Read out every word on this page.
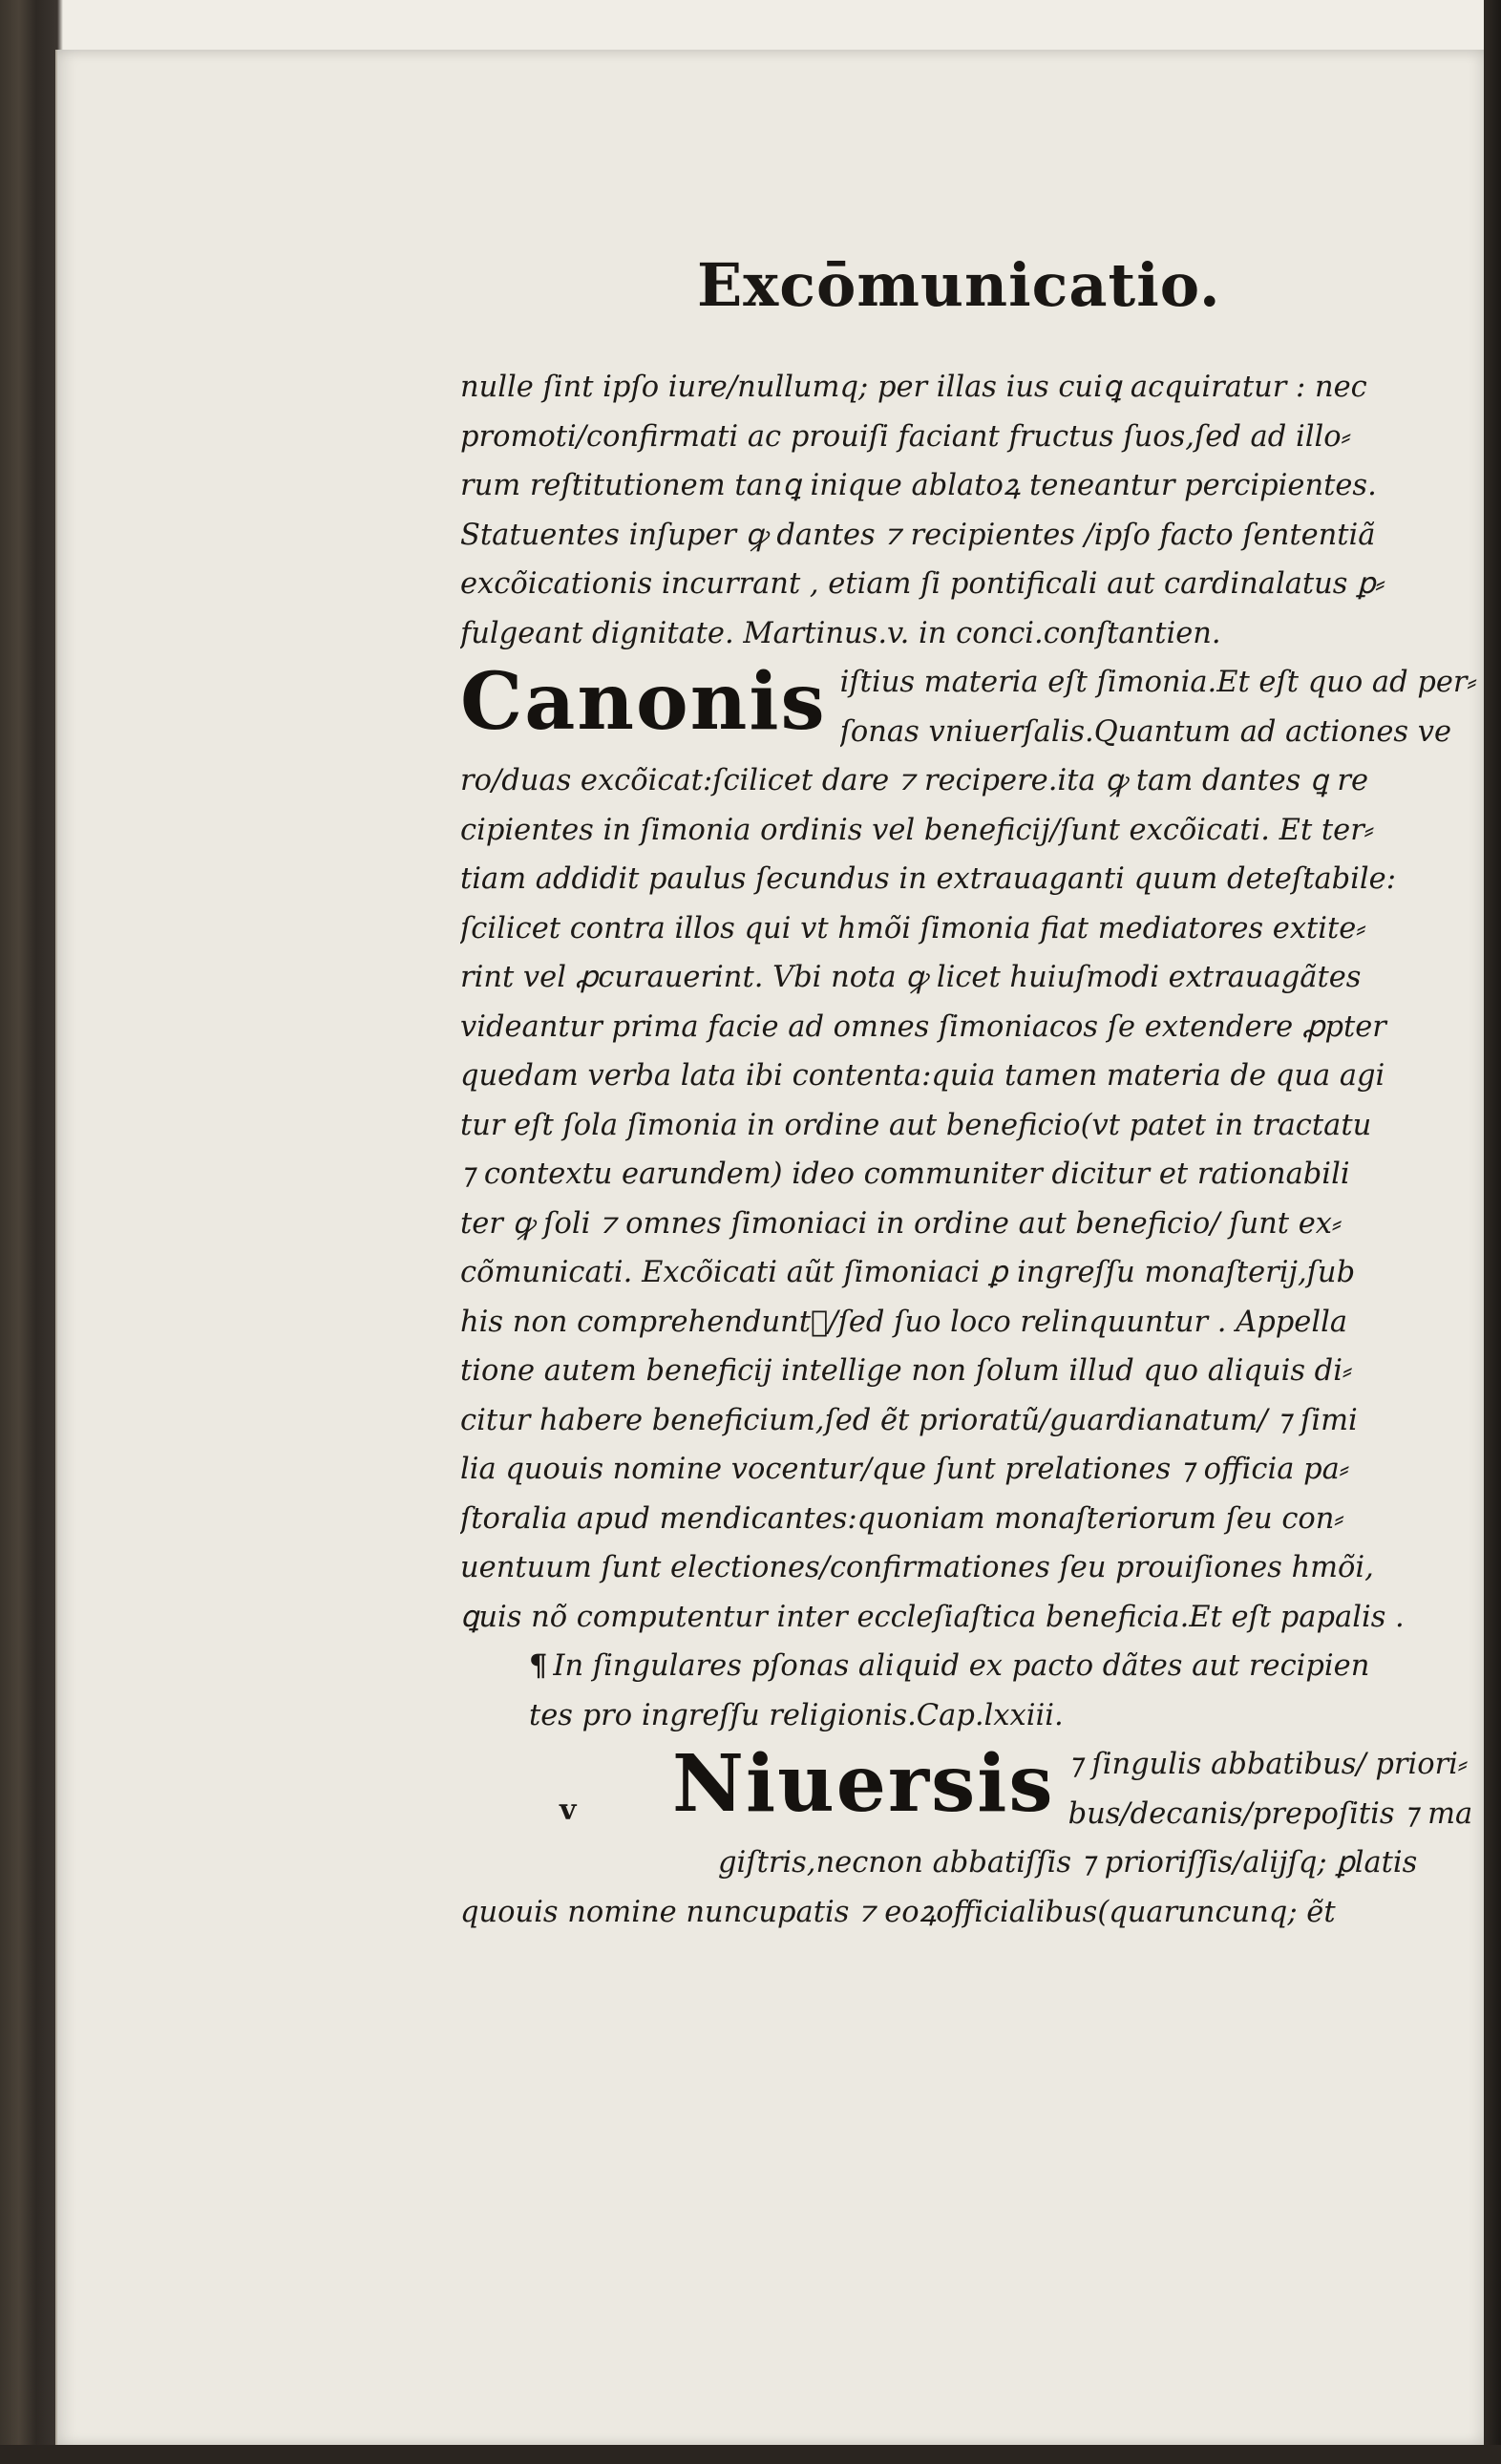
Excōmunicatio.
nulle ſint ipſo iure/nullumq; per illas ius cuiꝗ acquiratur : nec
promoti/confirmati ac prouiſi faciant fructus ſuos,ſed ad illo⸗
rum reſtitutionem tanꝗ inique ablatoꝝ teneantur percipientes.
Statuentes inſuper ꝙ dantes ⁊ recipientes /ipſo facto ſententiã
excõicationis incurrant , etiam ſi pontificali aut cardinalatus ꝑ⸗
fulgeant dignitate. Martinus.v. in conci.conſtantien.
Canonis iſtius materia eſt ſimonia.Et eſt quo ad per⸗
ſonas vniuerſalis.Quantum ad actiones ve
ro/duas excõicat:ſcilicet dare ⁊ recipere.ita ꝙ tam dantes ꝗ re
cipientes in ſimonia ordinis vel beneficij/ſunt excõicati. Et ter⸗
tiam addidit paulus ſecundus in extrauaganti quum deteſtabile:
ſcilicet contra illos qui vt hmõi ſimonia fiat mediatores extite⸗
rint vel ꝓcurauerint. Vbi nota ꝙ licet huiuſmodi extrauagãtes
videantur prima facie ad omnes ſimoniacos ſe extendere ꝓpter
quedam verba lata ibi contenta:quia tamen materia de qua agi
tur eſt ſola ſimonia in ordine aut beneficio(vt patet in tractatu
⁊ contextu earundem) ideo communiter dicitur et rationabili
ter ꝙ ſoli ⁊ omnes ſimoniaci in ordine aut beneficio/ ſunt ex⸗
cõmunicati. Excõicati aũt ſimoniaci ꝑ ingreſſu monaſterij,ſub
his non comprehenduntᷣ/ſed ſuo loco relinquuntur . Appella
tione autem beneficij intellige non ſolum illud quo aliquis di⸗
citur habere beneficium,ſed ẽt prioratũ/guardianatum/ ⁊ ſimi
lia quouis nomine vocentur/que ſunt prelationes ⁊ officia pa⸗
ſtoralia apud mendicantes:quoniam monaſteriorum ſeu con⸗
uentuum ſunt electiones/confirmationes ſeu prouiſiones hmõi,
ꝗuis nõ computentur inter eccleſiaſtica beneficia.Et eſt papalis .
¶ In ſingulares pſonas aliquid ex pacto dãtes aut recipien
tes pro ingreſſu religionis.Cap.lxxiii.
v Niuersis ⁊ ſingulis abbatibus/ priori⸗
bus/decanis/prepoſitis ⁊ ma
giſtris,necnon abbatiſſis ⁊ prioriſſis/alijſq; ꝑlatis
quouis nomine nuncupatis ⁊ eoꝝofficialibus(quaruncunq; ẽt
